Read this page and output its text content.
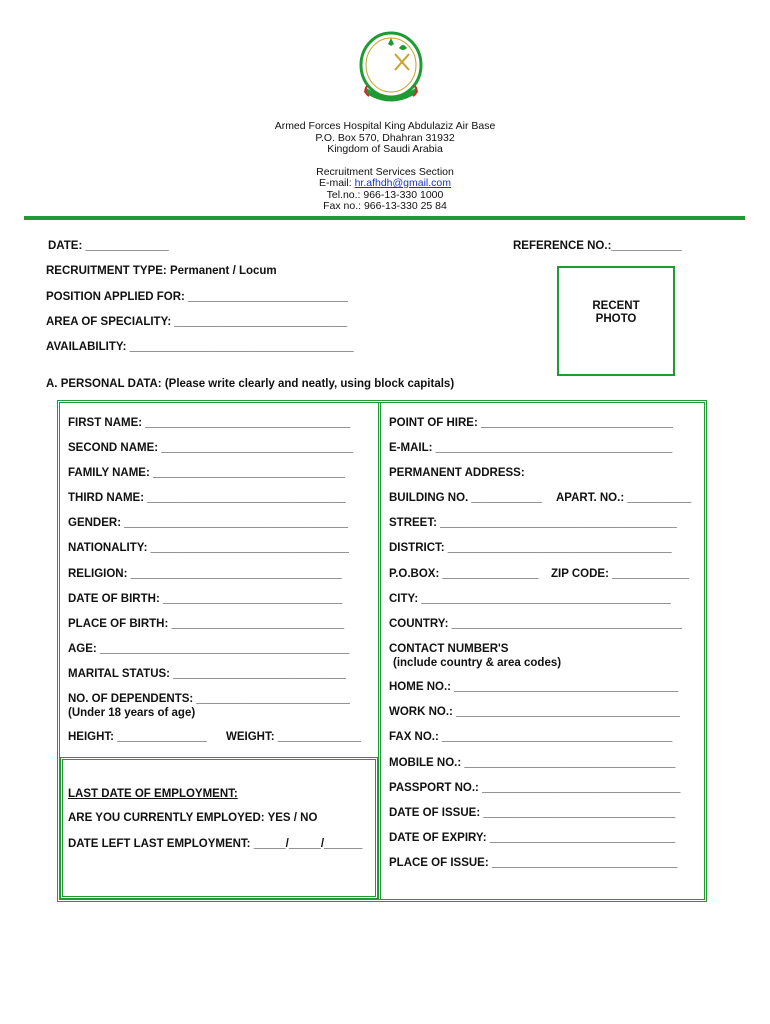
Armed Forces Hospital King Abdulaziz Air Base
P.O. Box 570, Dhahran 31932
Kingdom of Saudi Arabia
Recruitment Services Section
E-mail: hr.afhdh@gmail.com
Tel.no.: 966-13-330 1000
Fax no.: 966-13-330 25 84
DATE: _____________	REFERENCE NO.:___________
RECRUITMENT TYPE: Permanent / Locum
POSITION APPLIED FOR: _________________________
AREA OF SPECIALITY: ___________________________
AVAILABILITY: ___________________________________
RECENT
PHOTO
A. PERSONAL DATA: (Please write clearly and neatly, using block capitals)
FIRST NAME: ________________________________
SECOND NAME: ______________________________
FAMILY NAME: ______________________________
THIRD NAME: _______________________________
GENDER: ___________________________________
NATIONALITY: _______________________________
RELIGION: _________________________________
DATE OF BIRTH: ____________________________
PLACE OF BIRTH: ___________________________
AGE: _______________________________________
MARITAL STATUS: ___________________________
NO. OF DEPENDENTS: ________________________
(Under 18 years of age)
HEIGHT: ______________ WEIGHT: _____________
LAST DATE OF EMPLOYMENT:
ARE YOU CURRENTLY EMPLOYED: YES / NO
DATE LEFT LAST EMPLOYMENT: _____/_____/______
POINT OF HIRE: ______________________________
E-MAIL: _____________________________________
PERMANENT ADDRESS:
BUILDING NO. ___________ APART. NO.: __________
STREET: _____________________________________
DISTRICT: ___________________________________
P.O.BOX: _______________ ZIP CODE: ____________
CITY: _______________________________________
COUNTRY: ____________________________________
CONTACT NUMBER'S
(include country & area codes)
HOME NO.: ___________________________________
WORK NO.: ___________________________________
FAX NO.: ____________________________________
MOBILE NO.: _________________________________
PASSPORT NO.: _______________________________
DATE OF ISSUE: ______________________________
DATE OF EXPIRY: _____________________________
PLACE OF ISSUE: _____________________________
